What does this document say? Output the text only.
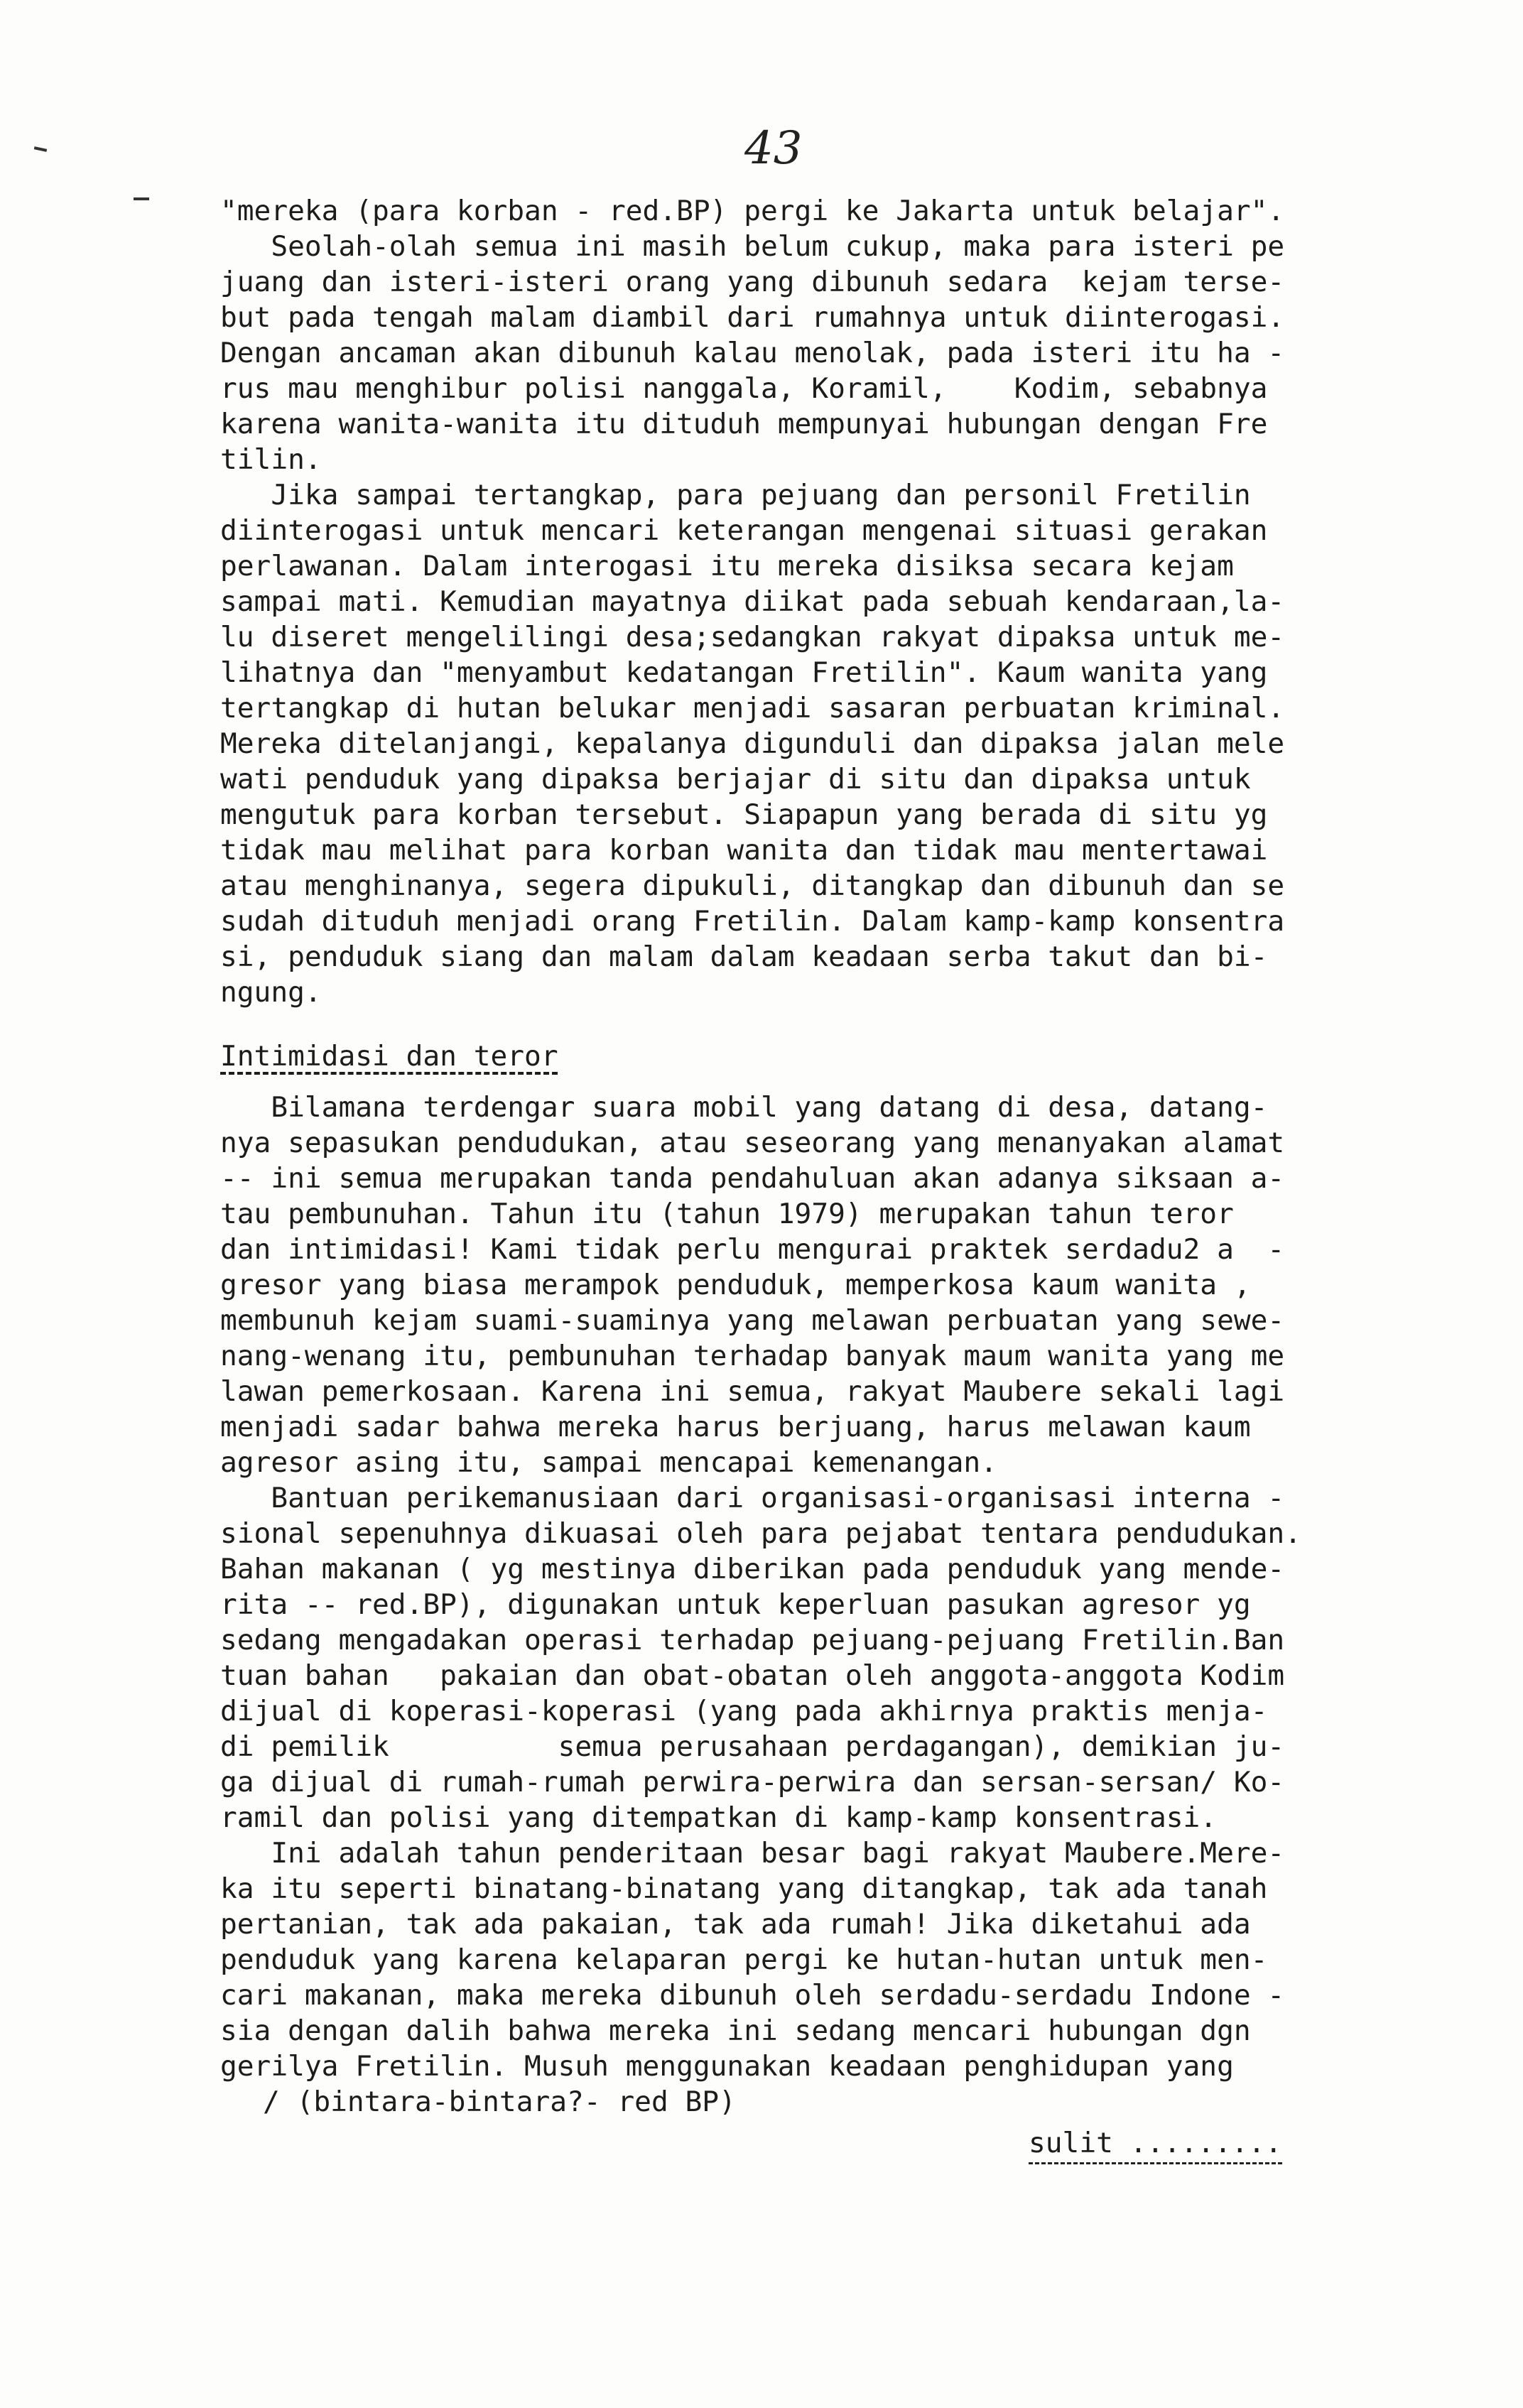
43
"mereka (para korban - red.BP) pergi ke Jakarta untuk belajar".
Seolah-olah semua ini masih belum cukup, maka para isteri pe
juang dan isteri-isteri orang yang dibunuh sedara  kejam terse-
but pada tengah malam diambil dari rumahnya untuk diinterogasi.
Dengan ancaman akan dibunuh kalau menolak, pada isteri itu ha -
rus mau menghibur polisi nanggala, Koramil,    Kodim, sebabnya
karena wanita-wanita itu dituduh mempunyai hubungan dengan Fre
tilin.
Jika sampai tertangkap, para pejuang dan personil Fretilin
diinterogasi untuk mencari keterangan mengenai situasi gerakan
perlawanan. Dalam interogasi itu mereka disiksa secara kejam
sampai mati. Kemudian mayatnya diikat pada sebuah kendaraan,la-
lu diseret mengelilingi desa;sedangkan rakyat dipaksa untuk me-
lihatnya dan "menyambut kedatangan Fretilin". Kaum wanita yang
tertangkap di hutan belukar menjadi sasaran perbuatan kriminal.
Mereka ditelanjangi, kepalanya digunduli dan dipaksa jalan mele
wati penduduk yang dipaksa berjajar di situ dan dipaksa untuk
mengutuk para korban tersebut. Siapapun yang berada di situ yg
tidak mau melihat para korban wanita dan tidak mau mentertawai
atau menghinanya, segera dipukuli, ditangkap dan dibunuh dan se
sudah dituduh menjadi orang Fretilin. Dalam kamp-kamp konsentra
si, penduduk siang dan malam dalam keadaan serba takut dan bi-
ngung.
Intimidasi dan teror
Bilamana terdengar suara mobil yang datang di desa, datang-
nya sepasukan pendudukan, atau seseorang yang menanyakan alamat
-- ini semua merupakan tanda pendahuluan akan adanya siksaan a-
tau pembunuhan. Tahun itu (tahun 1979) merupakan tahun teror
dan intimidasi! Kami tidak perlu mengurai praktek serdadu2 a  -
gresor yang biasa merampok penduduk, memperkosa kaum wanita ,
membunuh kejam suami-suaminya yang melawan perbuatan yang sewe-
nang-wenang itu, pembunuhan terhadap banyak maum wanita yang me
lawan pemerkosaan. Karena ini semua, rakyat Maubere sekali lagi
menjadi sadar bahwa mereka harus berjuang, harus melawan kaum
agresor asing itu, sampai mencapai kemenangan.
Bantuan perikemanusiaan dari organisasi-organisasi interna -
sional sepenuhnya dikuasai oleh para pejabat tentara pendudukan.
Bahan makanan ( yg mestinya diberikan pada penduduk yang mende-
rita -- red.BP), digunakan untuk keperluan pasukan agresor yg
sedang mengadakan operasi terhadap pejuang-pejuang Fretilin.Ban
tuan bahan   pakaian dan obat-obatan oleh anggota-anggota Kodim
dijual di koperasi-koperasi (yang pada akhirnya praktis menja-
di pemilik          semua perusahaan perdagangan), demikian ju-
ga dijual di rumah-rumah perwira-perwira dan sersan-sersan/ Ko-
ramil dan polisi yang ditempatkan di kamp-kamp konsentrasi.
Ini adalah tahun penderitaan besar bagi rakyat Maubere.Mere-
ka itu seperti binatang-binatang yang ditangkap, tak ada tanah
pertanian, tak ada pakaian, tak ada rumah! Jika diketahui ada
penduduk yang karena kelaparan pergi ke hutan-hutan untuk men-
cari makanan, maka mereka dibunuh oleh serdadu-serdadu Indone -
sia dengan dalih bahwa mereka ini sedang mencari hubungan dgn
gerilya Fretilin. Musuh menggunakan keadaan penghidupan yang
/ (bintara-bintara?- red BP)
sulit .........
